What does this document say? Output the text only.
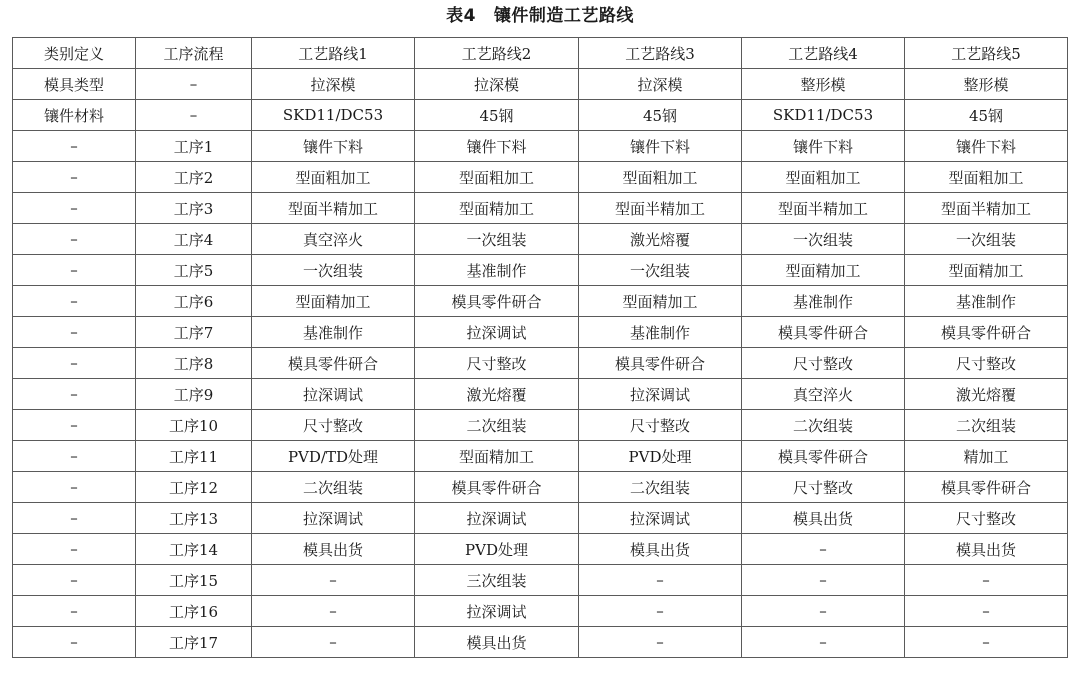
表4 镶件制造工艺路线
类别定义	工序流程	工艺路线1	工艺路线2	工艺路线3	工艺路线4	工艺路线5
模具类型	–	拉深模	拉深模	拉深模	整形模	整形模
镶件材料	–	SKD11/DC53	45钢	45钢	SKD11/DC53	45钢
–	工序1	镶件下料	镶件下料	镶件下料	镶件下料	镶件下料
–	工序2	型面粗加工	型面粗加工	型面粗加工	型面粗加工	型面粗加工
–	工序3	型面半精加工	型面精加工	型面半精加工	型面半精加工	型面半精加工
–	工序4	真空淬火	一次组装	激光熔覆	一次组装	一次组装
–	工序5	一次组装	基准制作	一次组装	型面精加工	型面精加工
–	工序6	型面精加工	模具零件研合	型面精加工	基准制作	基准制作
–	工序7	基准制作	拉深调试	基准制作	模具零件研合	模具零件研合
–	工序8	模具零件研合	尺寸整改	模具零件研合	尺寸整改	尺寸整改
–	工序9	拉深调试	激光熔覆	拉深调试	真空淬火	激光熔覆
–	工序10	尺寸整改	二次组装	尺寸整改	二次组装	二次组装
–	工序11	PVD/TD处理	型面精加工	PVD处理	模具零件研合	精加工
–	工序12	二次组装	模具零件研合	二次组装	尺寸整改	模具零件研合
–	工序13	拉深调试	拉深调试	拉深调试	模具出货	尺寸整改
–	工序14	模具出货	PVD处理	模具出货	–	模具出货
–	工序15	–	三次组装	–	–	–
–	工序16	–	拉深调试	–	–	–
–	工序17	–	模具出货	–	–	–
